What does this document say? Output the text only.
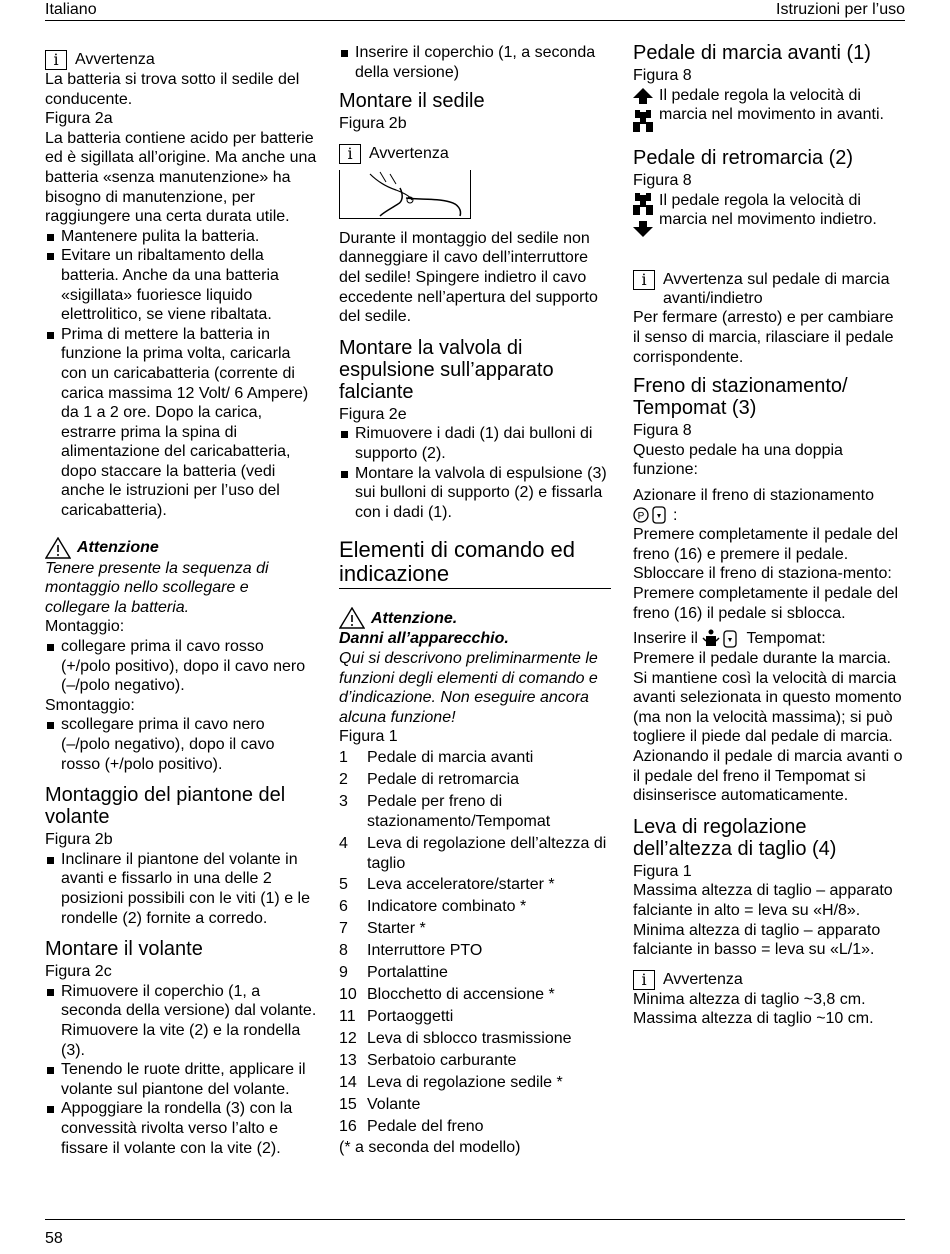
Italiano	Istruzioni per l’uso
i	Avvertenza

La batteria si trova sotto il sedile del conducente.

Figura 2a

La batteria contiene acido per batterie ed è sigillata all’origine. Ma anche una batteria «senza manutenzione» ha bisogno di manutenzione, per raggiungere una certa durata utile.

Mantenere pulita la batteria.
Evitare un ribaltamento della batteria. Anche da una batteria «sigillata» fuoriesce liquido elettrolitico, se viene ribaltata.
Prima di mettere la batteria in funzione la prima volta, caricarla con un caricabatteria (corrente di carica massima 12 Volt/ 6 Ampere) da 1 a 2 ore. Dopo la carica, estrarre prima la spina di alimentazione del caricabatteria, dopo staccare la batteria (vedi anche le istruzioni per l’uso del caricabatteria).
Attenzione

Tenere presente la sequenza di montaggio nello scollegare e collegare la batteria.

Montaggio:

collegare prima il cavo rosso (+/polo positivo), dopo il cavo nero (–/polo negativo).

Smontaggio:

scollegare prima il cavo nero (–/polo negativo), dopo il cavo rosso (+/polo positivo).
Montaggio del piantone del volante

Figura 2b

Inclinare il piantone del volante in avanti e fissarlo in una delle 2 posizioni possibili con le viti (1) e le rondelle (2) fornite a corredo.
Montare il volante

Figura 2c

Rimuovere il coperchio (1, a seconda della versione) dal volante. Rimuovere la vite (2) e la rondella (3).
Tenendo le ruote dritte, applicare il volante sul piantone del volante.
Appoggiare la rondella (3) con la convessità rivolta verso l’alto e fissare il volante con la vite (2).
Inserire il coperchio (1, a seconda della versione)
Montare il sedile

Figura 2b

i	Avvertenza

Durante il montaggio del sedile non danneggiare il cavo dell’interruttore del sedile! Spingere indietro il cavo eccedente nell’apertura del supporto del sedile.

Montare la valvola di espulsione sull’apparato falciante

Figura 2e

Rimuovere i dadi (1) dai bulloni di supporto (2).
Montare la valvola di espulsione (3) sui bulloni di supporto (2) e fissarla con i dadi (1).
Elementi di comando ed indicazione
Attenzione.

Danni all’apparecchio.

Qui si descrivono preliminarmente le funzioni degli elementi di comando e d’indicazione. Non eseguire ancora alcuna funzione!

Figura 1

1	Pedale di marcia avanti
2	Pedale di retromarcia
3	Pedale per freno di stazionamento/Tempomat
4	Leva di regolazione dell’altezza di taglio
5	Leva acceleratore/starter *
6	Indicatore combinato *
7	Starter *
8	Interruttore PTO
9	Portalattine
10 Blocchetto di accensione *
11 Portaoggetti
12 Leva di sblocco trasmissione
13 Serbatoio carburante
14 Leva di regolazione sedile *
15 Volante
16 Pedale del freno

(* a seconda del modello)

Pedale di marcia avanti (1)

Figura 8

Il pedale regola la velocità di marcia nel movimento in avanti.
Pedale di retromarcia (2)

Figura 8

Il pedale regola la velocità di marcia nel movimento indietro.
i	Avvertenza sul pedale di marcia avanti/indietro

Per fermare (arresto) e per cambiare il senso di marcia, rilasciare il pedale corrispondente.

Freno di stazionamento/ Tempomat (3)

Figura 8

Questo pedale ha una doppia funzione:

Azionare il freno di stazionamento
P :

Premere completamente il pedale del freno (16) e premere il pedale.

Sbloccare il freno di staziona-mento:

Premere completamente il pedale del freno (16) il pedale si sblocca.

Inserire il	Tempomat:

Premere il pedale durante la marcia.

Si mantiene così la velocità di marcia avanti selezionata in questo momento (ma non la velocità massima); si può togliere il piede dal pedale di marcia.

Azionando il pedale di marcia avanti o il pedale del freno il Tempomat si disinserisce automaticamente.

Leva di regolazione dell’altezza di taglio (4)

Figura 1

Massima altezza di taglio – apparato falciante in alto = leva su «H/8».

Minima altezza di taglio – apparato falciante in basso = leva su «L/1».

i	Avvertenza

Minima altezza di taglio ~3,8 cm.

Massima altezza di taglio ~10 cm.

58
